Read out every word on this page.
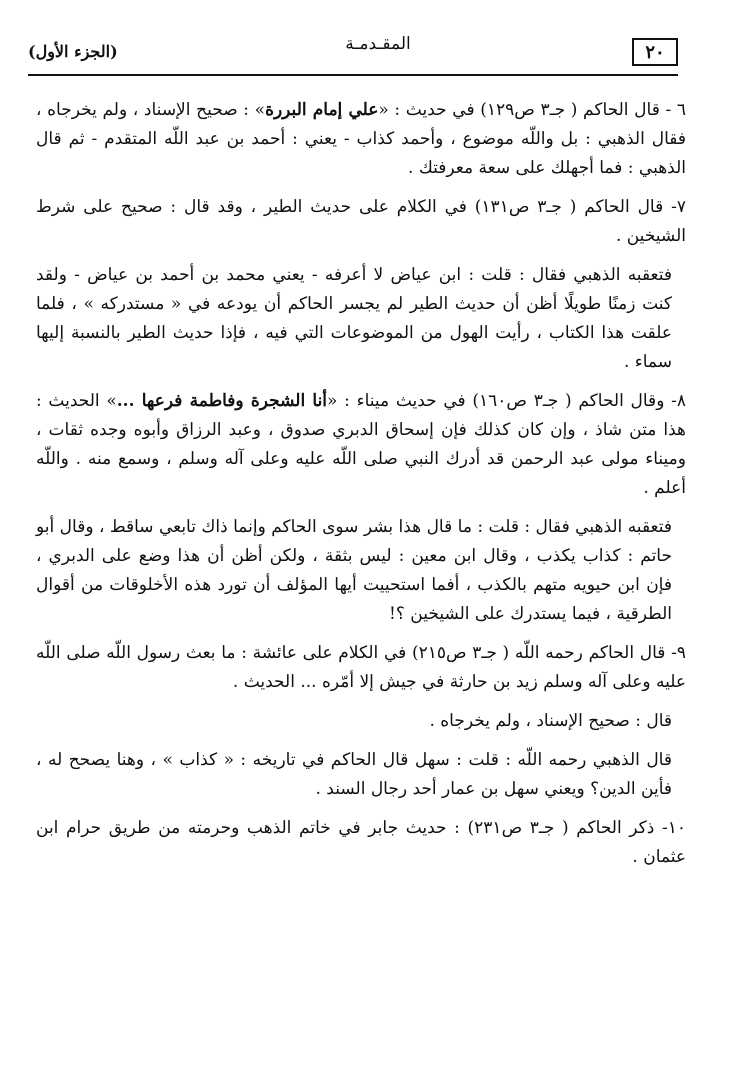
٢٠
المقـدمـة
(الجزء الأول)

٦ - قال الحاكم ( جـ٣ ص١٢٩) في حديث : «علي إمام البررة» : صحيح الإسناد ، ولم يخرجاه ، فقال الذهبي : بل واللّه موضوع ، وأحمد كذاب - يعني : أحمد بن عبد اللّه المتقدم - ثم قال الذهبي : فما أجهلك على سعة معرفتك .

٧- قال الحاكم ( جـ٣ ص١٣١) في الكلام على حديث الطير ، وقد قال : صحيح على شرط الشيخين .

فتعقبه الذهبي فقال : قلت : ابن عياض لا أعرفه - يعني محمد بن أحمد بن عياض - ولقد كنت زمنًا طويلًا أظن أن حديث الطير لم يجسر الحاكم أن يودعه في « مستدركه » ، فلما علقت هذا الكتاب ، رأيت الهول من الموضوعات التي فيه ، فإذا حديث الطير بالنسبة إليها سماء .

٨- وقال الحاكم ( جـ٣ ص١٦٠) في حديث ميناء : «أنا الشجرة وفاطمة فرعها ...» الحديث : هذا متن شاذ ، وإن كان كذلك فإن إسحاق الدبري صدوق ، وعبد الرزاق وأبوه وجده ثقات ، وميناء مولى عبد الرحمن قد أدرك النبي صلى اللّه عليه وعلى آله وسلم ، وسمع منه . واللّه أعلم .

فتعقبه الذهبي فقال : قلت : ما قال هذا بشر سوى الحاكم وإنما ذاك تابعي ساقط ، وقال أبو حاتم : كذاب يكذب ، وقال ابن معين : ليس بثقة ، ولكن أظن أن هذا وضع على الدبري ، فإن ابن حيويه متهم بالكذب ، أفما استحييت أيها المؤلف أن تورد هذه الأخلوقات من أقوال الطرقية ، فيما يستدرك على الشيخين ؟!

٩- قال الحاكم رحمه اللّه ( جـ٣ ص٢١٥) في الكلام على عائشة : ما بعث رسول اللّه صلى اللّه عليه وعلى آله وسلم زيد بن حارثة في جيش إلا أمّره ... الحديث .

قال : صحيح الإسناد ، ولم يخرجاه .

قال الذهبي رحمه اللّه : قلت : سهل قال الحاكم في تاريخه : « كذاب » ، وهنا يصحح له ، فأين الدين؟ ويعني سهل بن عمار أحد رجال السند .

١٠- ذكر الحاكم ( جـ٣ ص٢٣١) : حديث جابر في خاتم الذهب وحرمته من طريق حرام ابن عثمان .
